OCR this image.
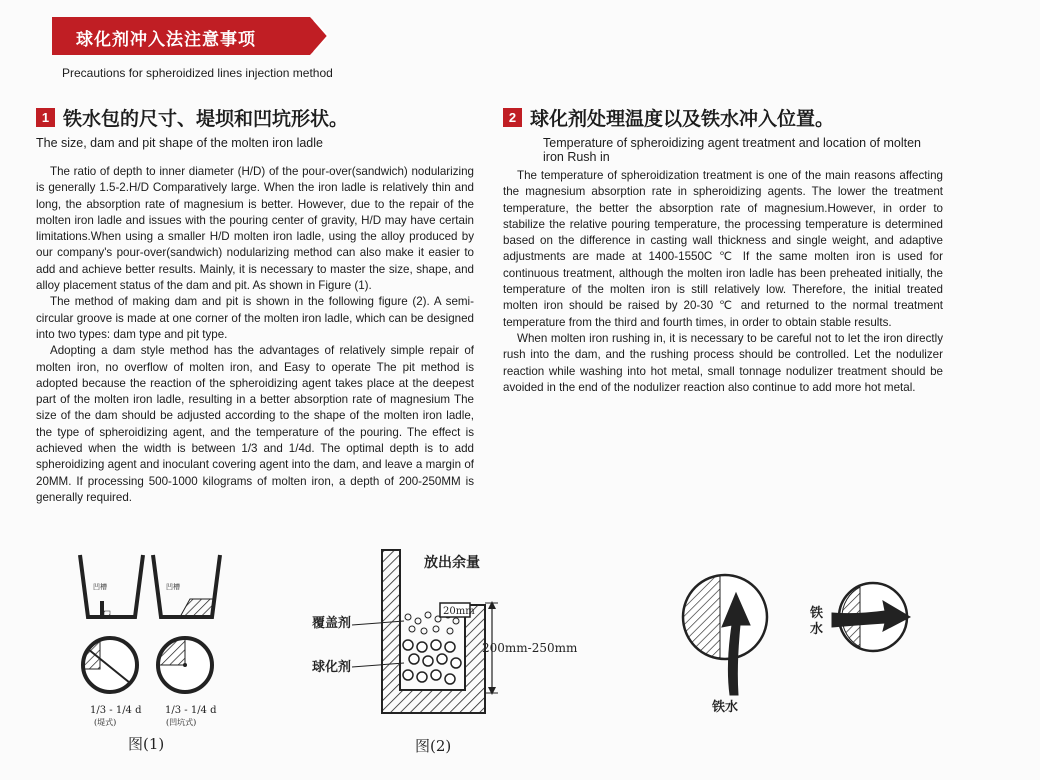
球化剂冲入法注意事项
Precautions for spheroidized lines injection method
1 铁水包的尺寸、堤坝和凹坑形状。
The size, dam and pit shape of the molten iron ladle

The ratio of depth to inner diameter (H/D) of the pour-over(sandwich) nodularizing is generally 1.5-2.H/D Comparatively large. When the iron ladle is relatively thin and long, the absorption rate of magnesium is better. However, due to the repair of the molten iron ladle and issues with the pouring center of gravity, H/D may have certain limitations.When using a smaller H/D molten iron ladle, using the alloy produced by our company's pour-over(sandwich) nodularizing method can also make it easier to add and achieve better results. Mainly, it is necessary to master the size, shape, and alloy placement status of the dam and pit. As shown in Figure (1).

The method of making dam and pit is shown in the following figure (2). A semi-circular groove is made at one corner of the molten iron ladle, which can be designed into two types: dam type and pit type.

Adopting a dam style method has the advantages of relatively simple repair of molten iron, no overflow of molten iron, and Easy to operate The pit method is adopted because the reaction of the spheroidizing agent takes place at the deepest part of the molten iron ladle, resulting in a better absorption rate of magnesium The size of the dam should be adjusted according to the shape of the molten iron ladle, the type of spheroidizing agent, and the temperature of the pouring. The effect is achieved when the width is between 1/3 and 1/4d. The optimal depth is to add spheroidizing agent and inoculant covering agent into the dam, and leave a margin of 20MM. If processing 500-1000 kilograms of molten iron, a depth of 200-250MM is generally required.

2 球化剂处理温度以及铁水冲入位置。
Temperature of spheroidizing agent treatment and location of molten iron Rush in

The temperature of spheroidization treatment is one of the main reasons affecting the magnesium absorption rate in spheroidizing agents. The lower the treatment temperature, the better the absorption rate of magnesium.However, in order to stabilize the relative pouring temperature, the processing temperature is determined based on the difference in casting wall thickness and single weight, and adaptive adjustments are made at 1400-1550C ℃ If the same molten iron is used for continuous treatment, although the molten iron ladle has been preheated initially, the temperature of the molten iron is still relatively low. Therefore, the initial treated molten iron should be raised by 20-30 ℃ and returned to the normal treatment temperature from the third and fourth times, in order to obtain stable results.

When molten iron rushing in, it is necessary to be careful not to let the iron directly rush into the dam, and the rushing process should be controlled. Let the nodulizer reaction while washing into hot metal, small tonnage nodulizer treatment should be avoided in the end of the nodulizer reaction also continue to add more hot metal.

凹槽	凹槽
1/3 - 1/4 d 1/3 - 1/4 d
(堤式)	(凹坑式)
图(1)
20mm
200mm-250mm
放出余量
覆盖剂
球化剂
图(2)
铁水
铁
水
